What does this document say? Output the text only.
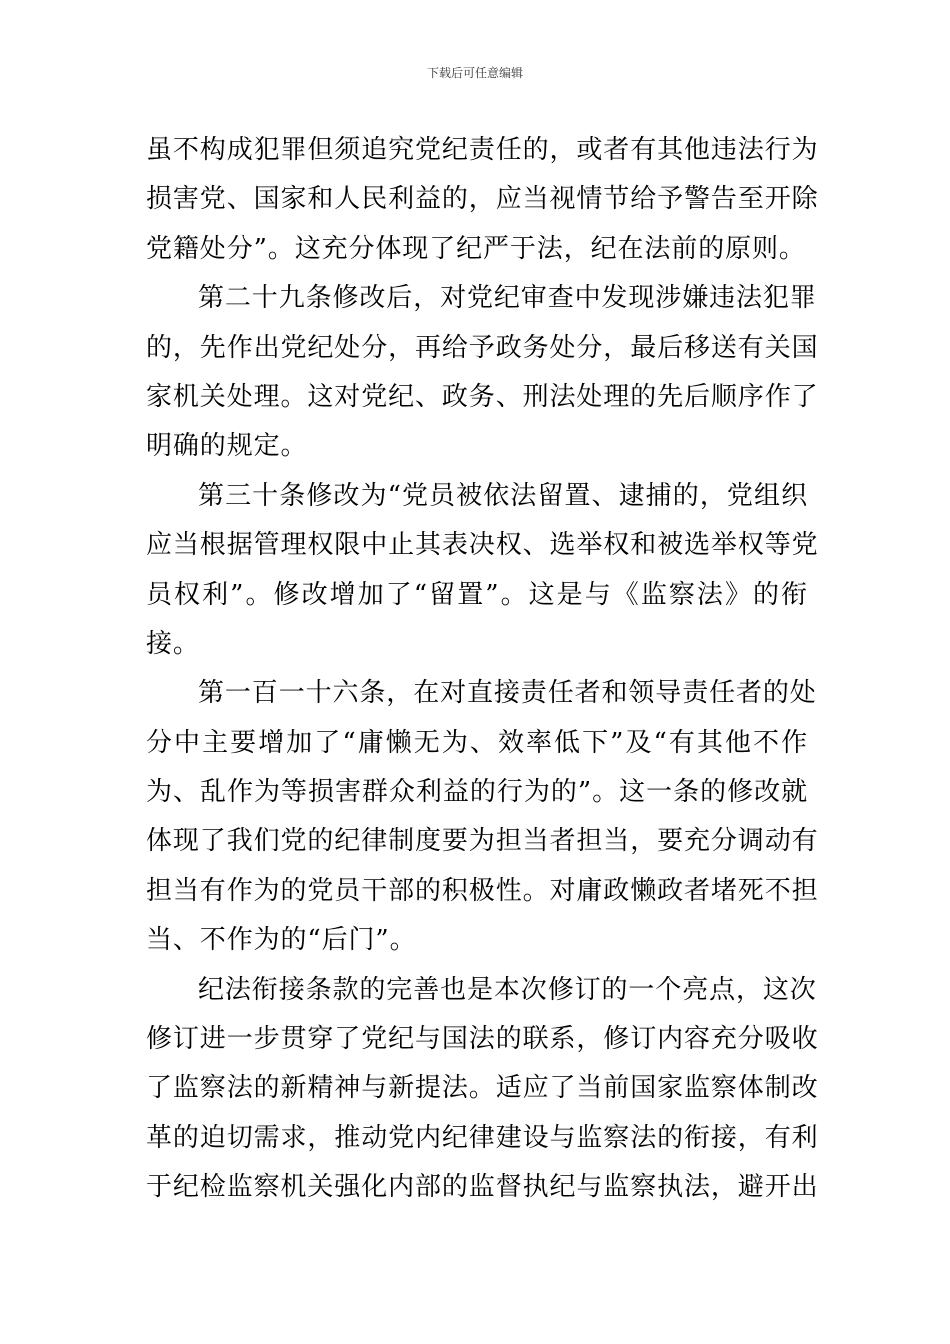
下载后可任意编辑
虽不构成犯罪但须追究党纪责任的，或者有其他违法行为
损害党、国家和人民利益的，应当视情节给予警告至开除
党籍处分”。这充分体现了纪严于法，纪在法前的原则。
第二十九条修改后，对党纪审查中发现涉嫌违法犯罪
的，先作出党纪处分，再给予政务处分，最后移送有关国
家机关处理。这对党纪、政务、刑法处理的先后顺序作了
明确的规定。
第三十条修改为“党员被依法留置、逮捕的，党组织
应当根据管理权限中止其表决权、选举权和被选举权等党
员权利”。修改增加了“留置”。这是与《监察法》的衔
接。
第一百一十六条，在对直接责任者和领导责任者的处
分中主要增加了“庸懒无为、效率低下”及“有其他不作
为、乱作为等损害群众利益的行为的”。这一条的修改就
体现了我们党的纪律制度要为担当者担当，要充分调动有
担当有作为的党员干部的积极性。对庸政懒政者堵死不担
当、不作为的“后门”。
纪法衔接条款的完善也是本次修订的一个亮点，这次
修订进一步贯穿了党纪与国法的联系，修订内容充分吸收
了监察法的新精神与新提法。适应了当前国家监察体制改
革的迫切需求，推动党内纪律建设与监察法的衔接，有利
于纪检监察机关强化内部的监督执纪与监察执法，避开出
